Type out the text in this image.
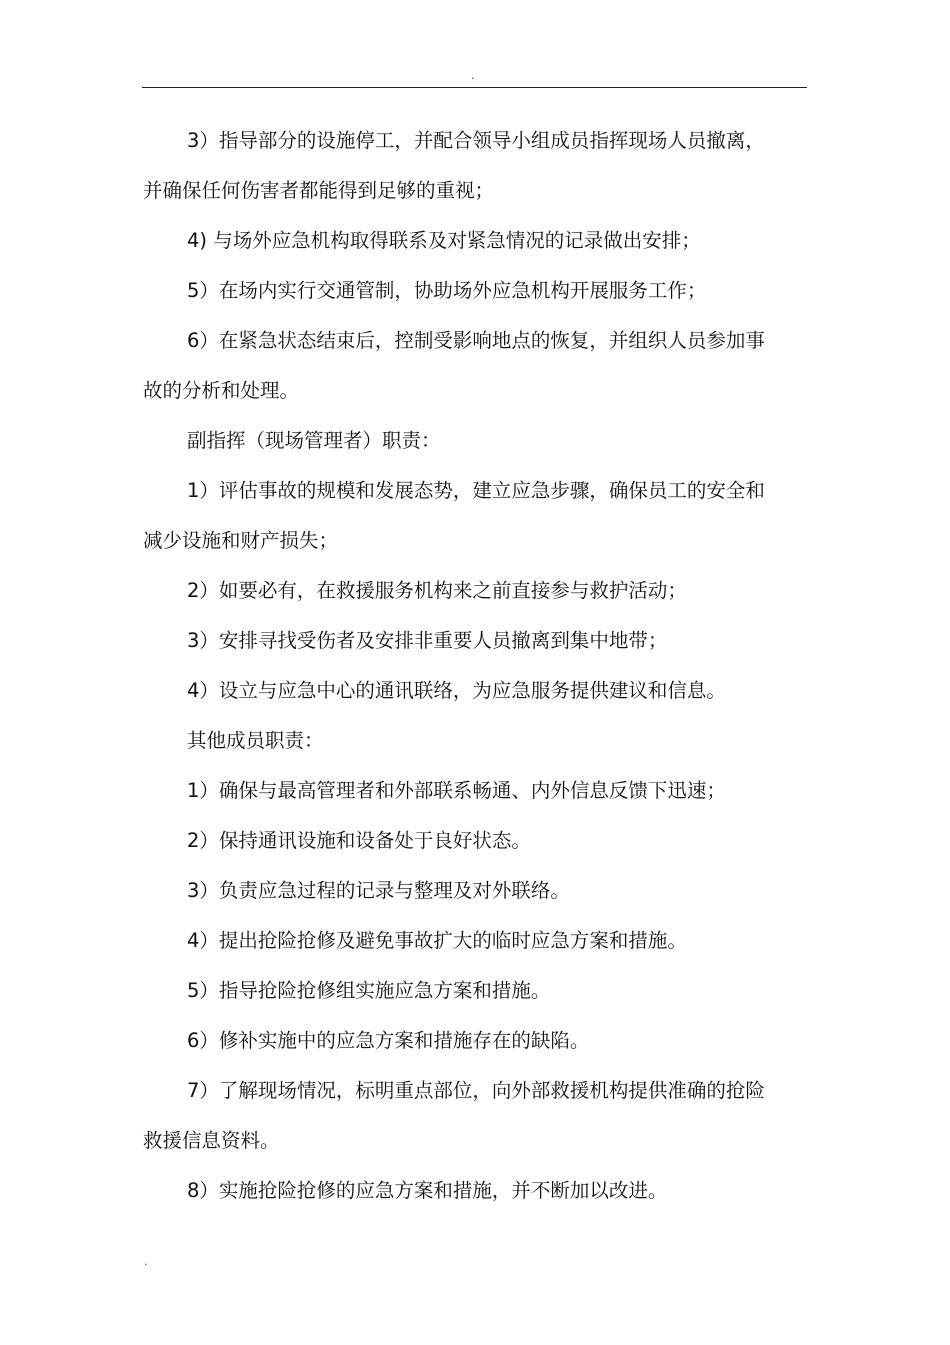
.

3）指导部分的设施停工，并配合领导小组成员指挥现场人员撤离，并确保任何伤害者都能得到足够的重视；

4) 与场外应急机构取得联系及对紧急情况的记录做出安排；

5）在场内实行交通管制，协助场外应急机构开展服务工作；

6）在紧急状态结束后，控制受影响地点的恢复，并组织人员参加事故的分析和处理。

副指挥（现场管理者）职责：

1）评估事故的规模和发展态势，建立应急步骤，确保员工的安全和减少设施和财产损失；

2）如要必有，在救援服务机构来之前直接参与救护活动；

3）安排寻找受伤者及安排非重要人员撤离到集中地带；

4）设立与应急中心的通讯联络，为应急服务提供建议和信息。

其他成员职责：

1）确保与最高管理者和外部联系畅通、内外信息反馈下迅速；

2）保持通讯设施和设备处于良好状态。

3）负责应急过程的记录与整理及对外联络。

4）提出抢险抢修及避免事故扩大的临时应急方案和措施。

5）指导抢险抢修组实施应急方案和措施。

6）修补实施中的应急方案和措施存在的缺陷。

7）了解现场情况，标明重点部位，向外部救援机构提供准确的抢险救援信息资料。

8）实施抢险抢修的应急方案和措施，并不断加以改进。

.
